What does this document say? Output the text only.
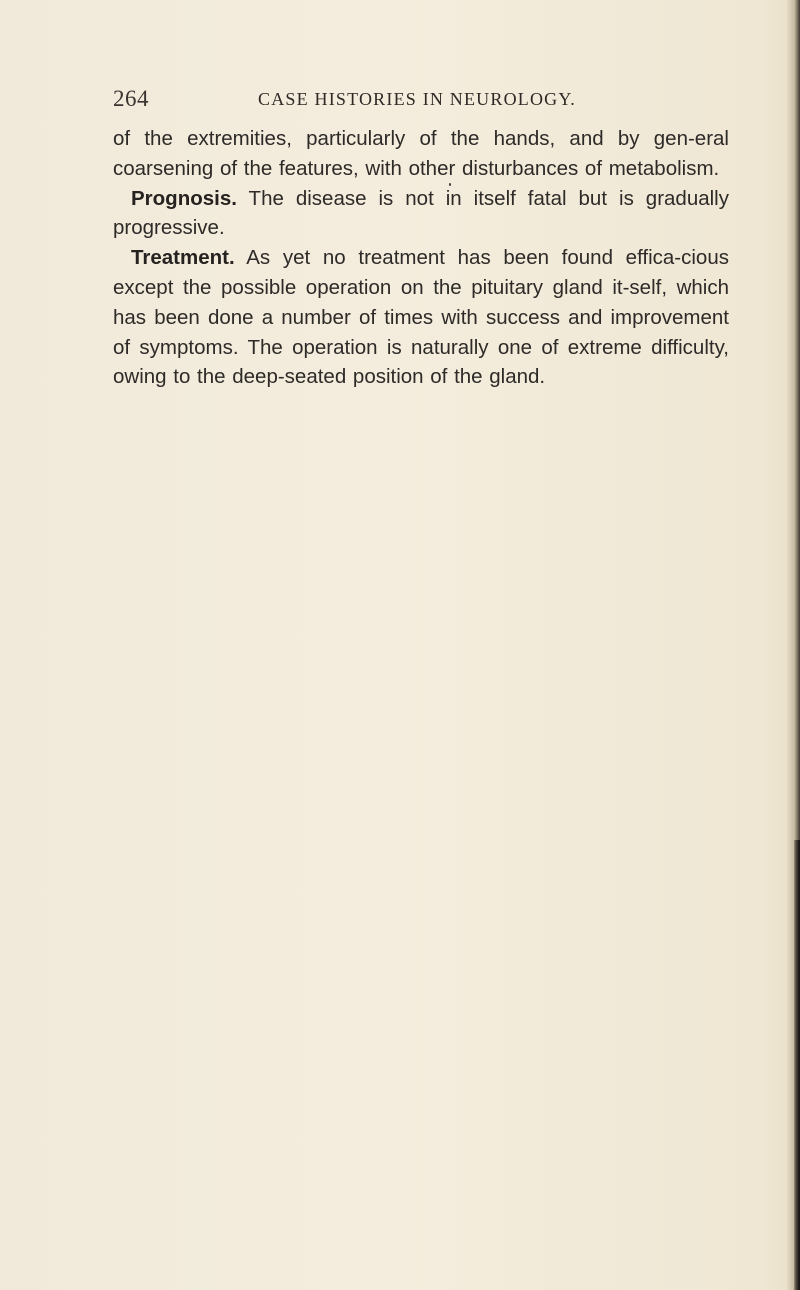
264	CASE HISTORIES IN NEUROLOGY.

of the extremities, particularly of the hands, and by gen-eral coarsening of the features, with other disturbances of metabolism.

Prognosis. The disease is not in itself fatal but is gradually progressive.

Treatment. As yet no treatment has been found effica-cious except the possible operation on the pituitary gland it-self, which has been done a number of times with success and improvement of symptoms. The operation is naturally one of extreme difficulty, owing to the deep-seated position of the gland.
